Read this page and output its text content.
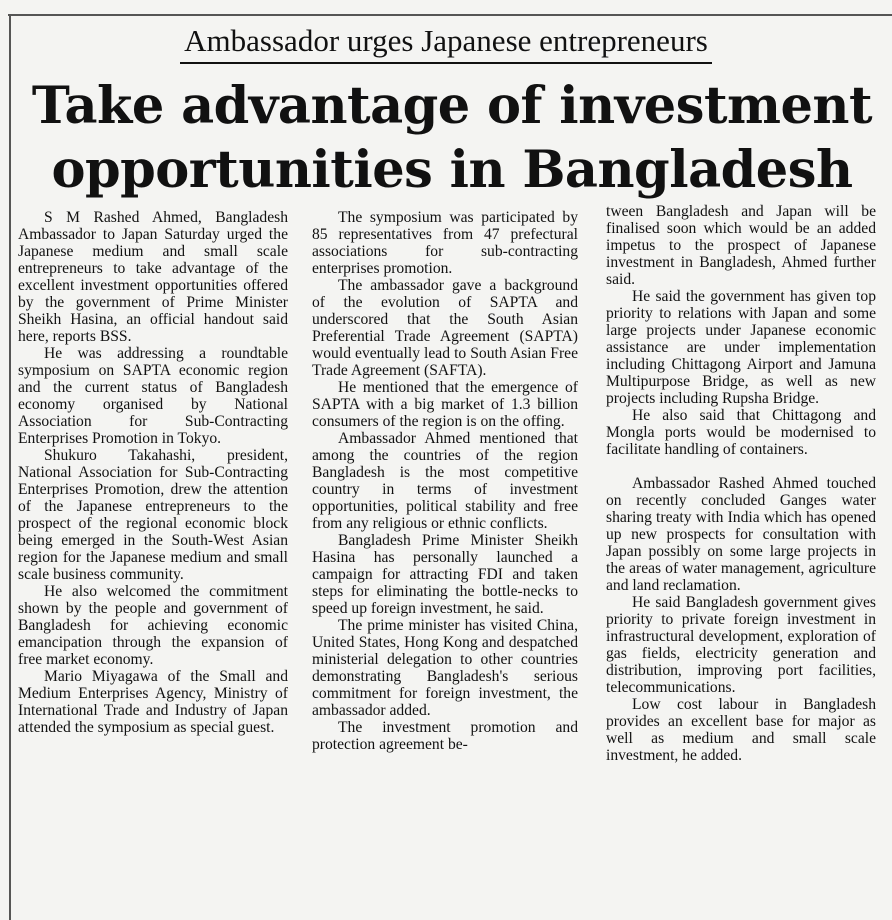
Ambassador urges Japanese entrepreneurs
Take advantage of investment
opportunities in Bangladesh

S M Rashed Ahmed, Bangladesh Ambassador to Japan Saturday urged the Japanese medium and small scale entrepreneurs to take advantage of the excellent investment opportunities offered by the government of Prime Minister Sheikh Hasina, an official handout said here, reports BSS.

He was addressing a roundtable symposium on SAPTA economic region and the current status of Bangladesh economy organised by National Association for Sub-Contracting Enterprises Promotion in Tokyo.

Shukuro Takahashi, president, National Association for Sub-Contracting Enterprises Promotion, drew the attention of the Japanese entrepreneurs to the prospect of the regional economic block being emerged in the South-West Asian region for the Japanese medium and small scale business community.

He also welcomed the commitment shown by the people and government of Bangladesh for achieving economic emancipation through the expansion of free market economy.

Mario Miyagawa of the Small and Medium Enterprises Agency, Ministry of International Trade and Industry of Japan attended the symposium as special guest.

The symposium was participated by 85 representatives from 47 prefectural associations for sub-contracting enterprises promotion.

The ambassador gave a background of the evolution of SAPTA and underscored that the South Asian Preferential Trade Agreement (SAPTA) would eventually lead to South Asian Free Trade Agreement (SAFTA).

He mentioned that the emergence of SAPTA with a big market of 1.3 billion consumers of the region is on the offing.

Ambassador Ahmed mentioned that among the countries of the region Bangladesh is the most competitive country in terms of investment opportunities, political stability and free from any religious or ethnic conflicts.

Bangladesh Prime Minister Sheikh Hasina has personally launched a campaign for attracting FDI and taken steps for eliminating the bottle-necks to speed up foreign investment, he said.

The prime minister has visited China, United States, Hong Kong and despatched ministerial delegation to other countries demonstrating Bangladesh's serious commitment for foreign investment, the ambassador added.

The investment promotion and protection agreement be-

tween Bangladesh and Japan will be finalised soon which would be an added impetus to the prospect of Japanese investment in Bangladesh, Ahmed further said.

He said the government has given top priority to relations with Japan and some large projects under Japanese economic assistance are under implementation including Chittagong Airport and Jamuna Multipurpose Bridge, as well as new projects including Rupsha Bridge.

He also said that Chittagong and Mongla ports would be modernised to facilitate handling of containers.

Ambassador Rashed Ahmed touched on recently concluded Ganges water sharing treaty with India which has opened up new prospects for consultation with Japan possibly on some large projects in the areas of water management, agriculture and land reclamation.

He said Bangladesh government gives priority to private foreign investment in infrastructural development, exploration of gas fields, electricity generation and distribution, improving port facilities, telecommunications.

Low cost labour in Bangladesh provides an excellent base for major as well as medium and small scale investment, he added.
